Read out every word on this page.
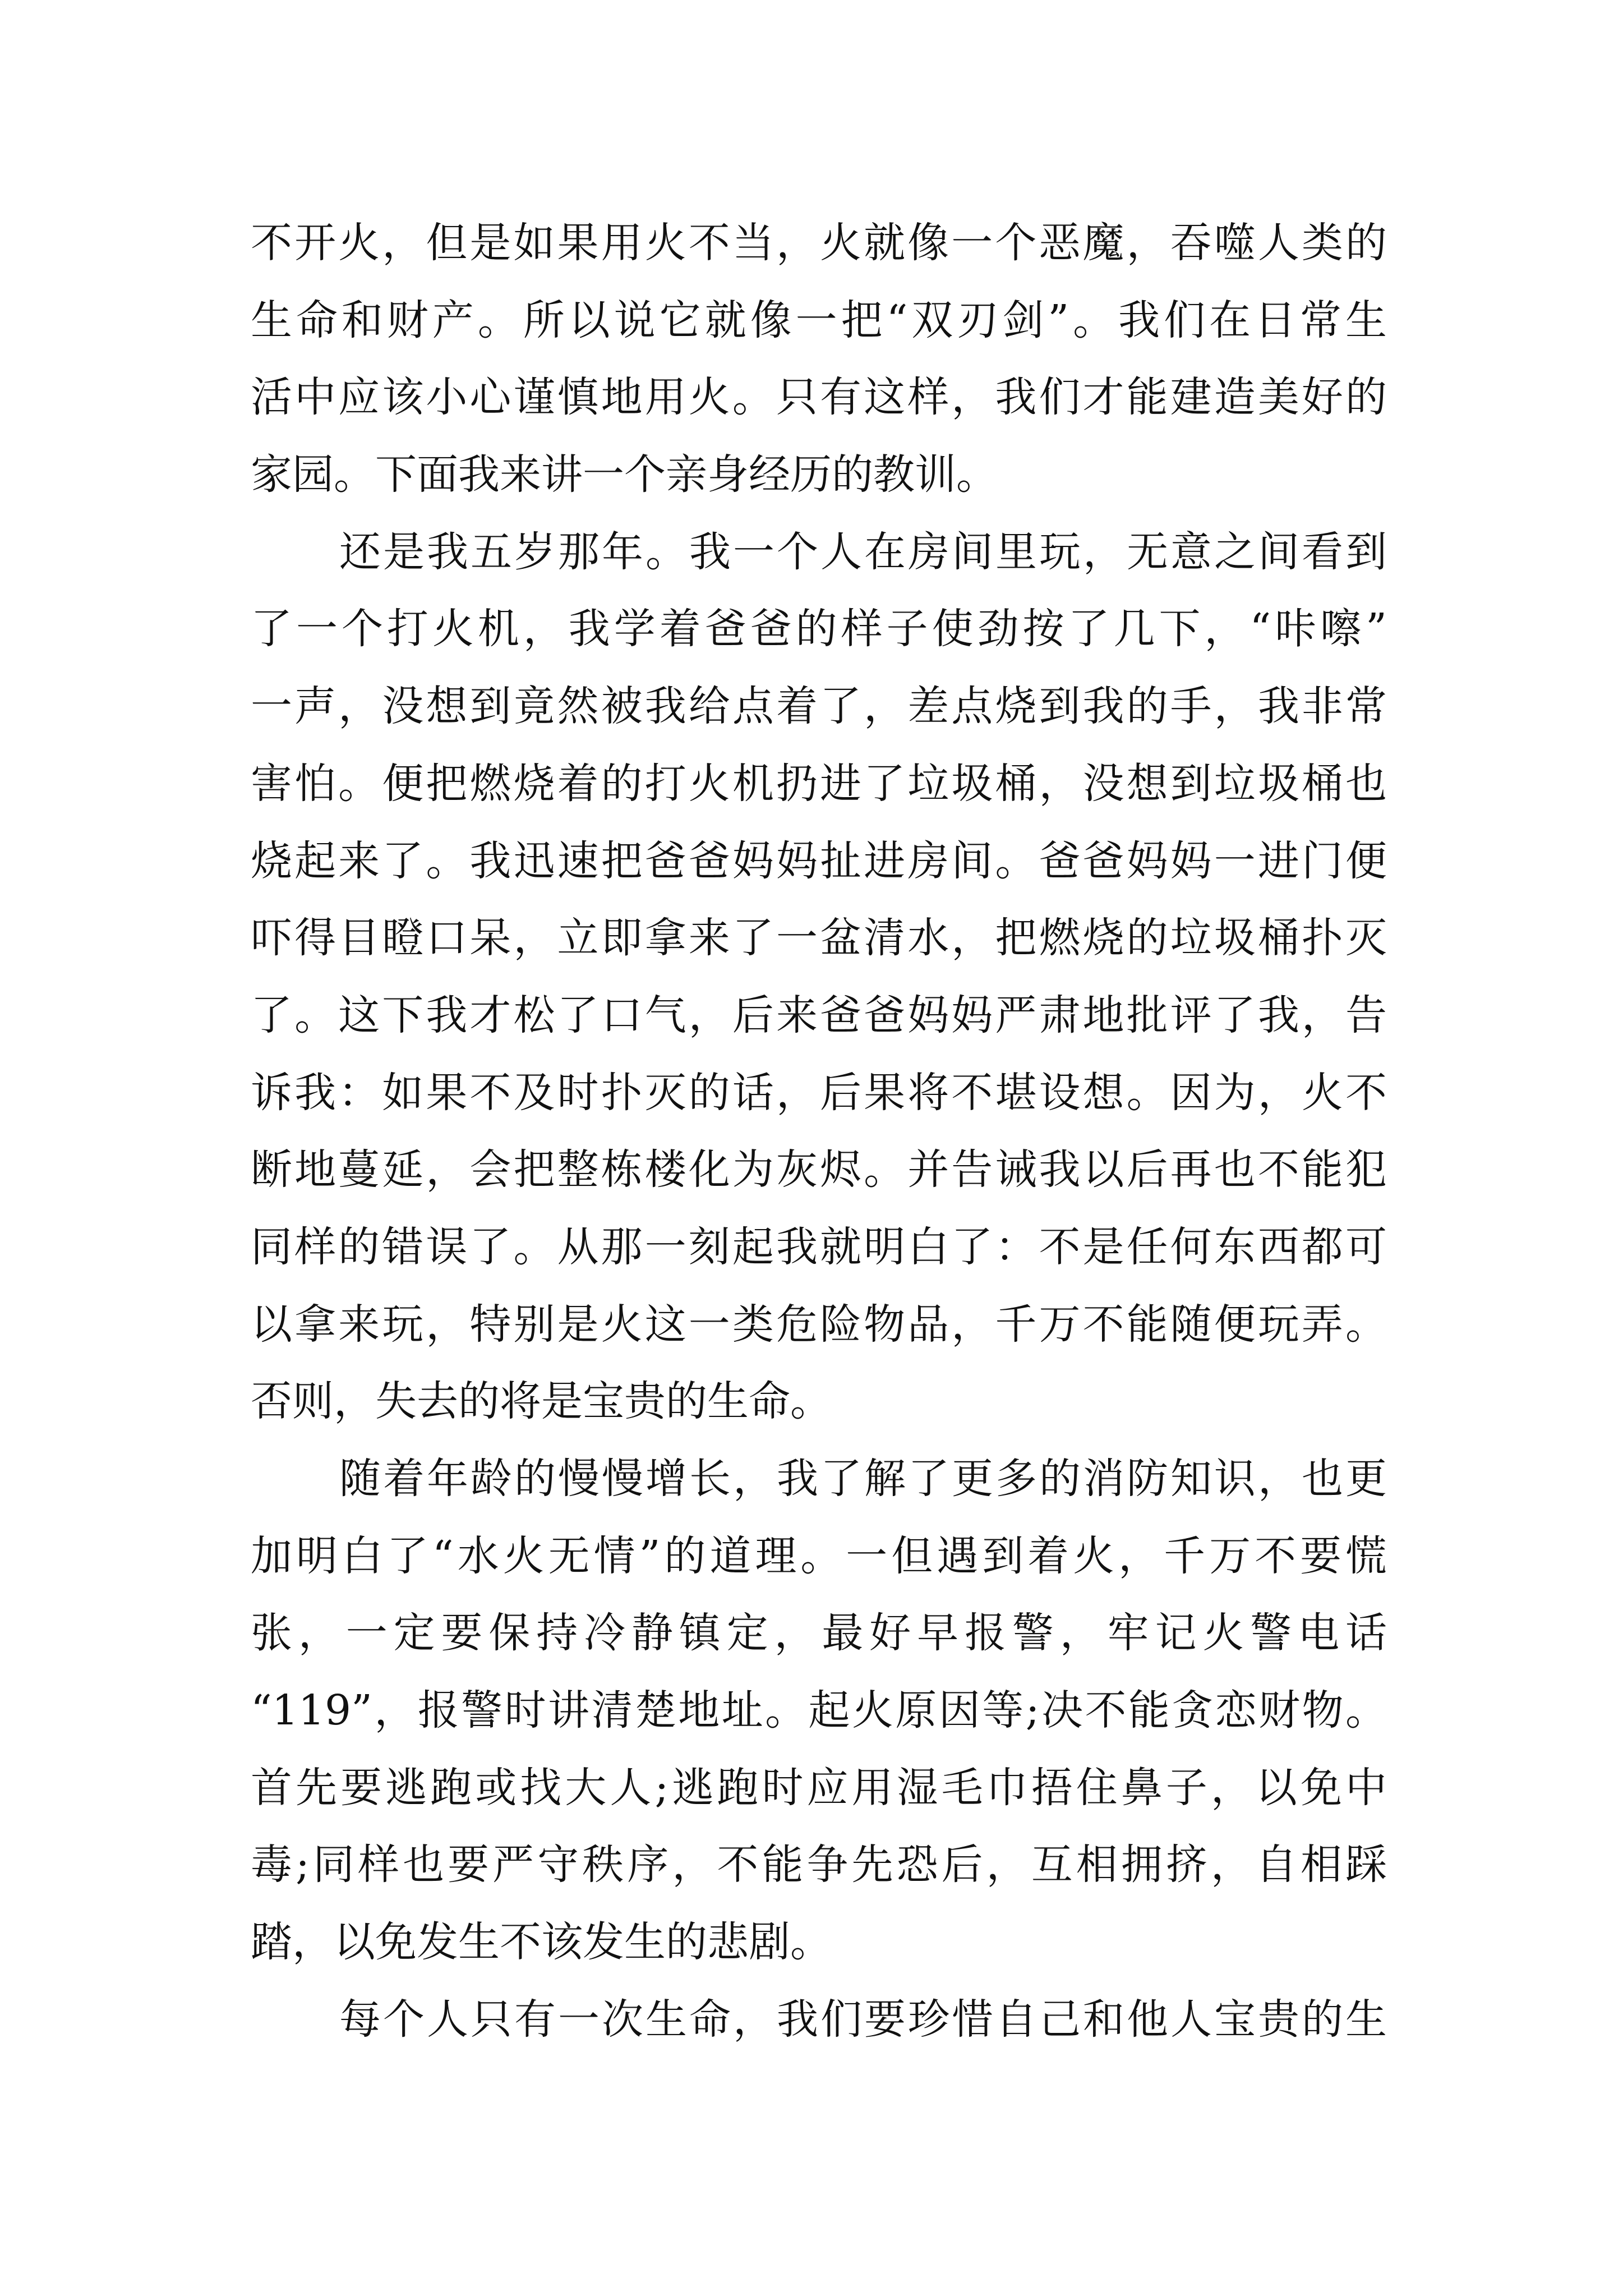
不开火，但是如果用火不当，火就像一个恶魔，吞噬人类的
生命和财产。所以说它就像一把“双刃剑”。我们在日常生
活中应该小心谨慎地用火。只有这样，我们才能建造美好的
家园。下面我来讲一个亲身经历的教训。
还是我五岁那年。我一个人在房间里玩，无意之间看到
了一个打火机，我学着爸爸的样子使劲按了几下，“咔嚓”
一声，没想到竟然被我给点着了，差点烧到我的手，我非常
害怕。便把燃烧着的打火机扔进了垃圾桶，没想到垃圾桶也
烧起来了。我迅速把爸爸妈妈扯进房间。爸爸妈妈一进门便
吓得目瞪口呆，立即拿来了一盆清水，把燃烧的垃圾桶扑灭
了。这下我才松了口气，后来爸爸妈妈严肃地批评了我，告
诉我：如果不及时扑灭的话，后果将不堪设想。因为，火不
断地蔓延，会把整栋楼化为灰烬。并告诫我以后再也不能犯
同样的错误了。从那一刻起我就明白了：不是任何东西都可
以拿来玩，特别是火这一类危险物品，千万不能随便玩弄。
否则，失去的将是宝贵的生命。
随着年龄的慢慢增长，我了解了更多的消防知识，也更
加明白了“水火无情”的道理。一但遇到着火，千万不要慌
张，一定要保持冷静镇定，最好早报警，牢记火警电话
“119”，报警时讲清楚地址。起火原因等;决不能贪恋财物。
首先要逃跑或找大人;逃跑时应用湿毛巾捂住鼻子，以免中
毒;同样也要严守秩序，不能争先恐后，互相拥挤，自相踩
踏，以免发生不该发生的悲剧。
每个人只有一次生命，我们要珍惜自己和他人宝贵的生
